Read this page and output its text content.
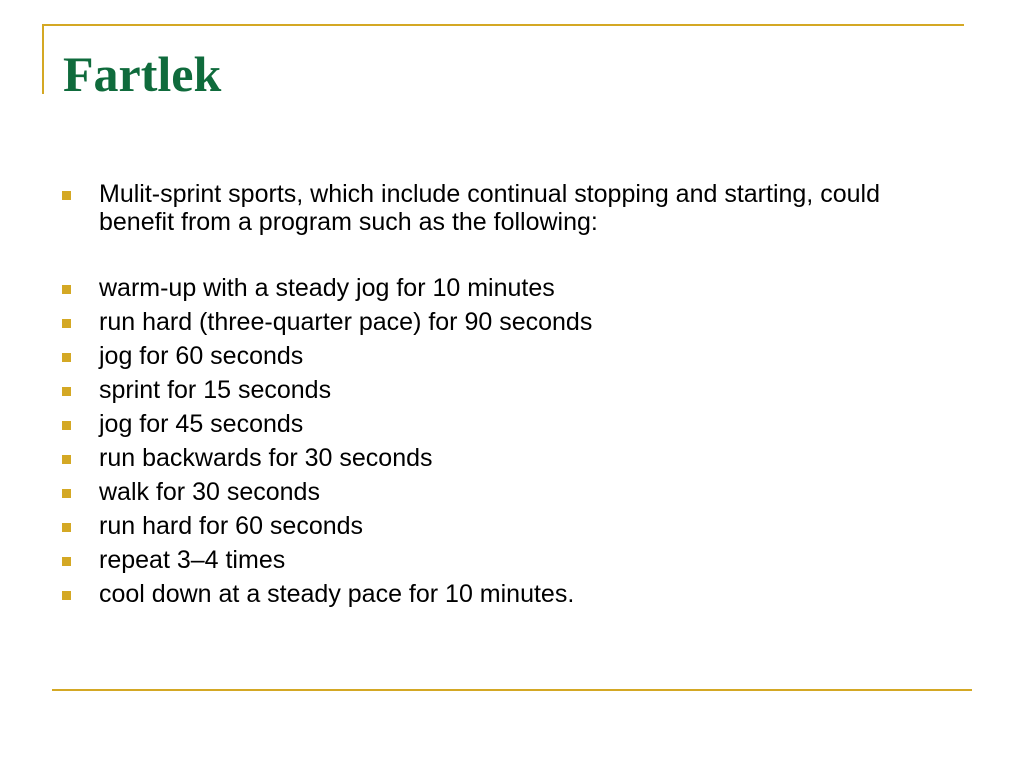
Fartlek
Mulit-sprint sports, which include continual stopping and starting, could benefit from a program such as the following:
warm-up with a steady jog for 10 minutes
run hard (three-quarter pace) for 90 seconds
jog for 60 seconds
sprint for 15 seconds
jog for 45 seconds
run backwards for 30 seconds
walk for 30 seconds
run hard for 60 seconds
repeat 3–4 times
cool down at a steady pace for 10 minutes.
